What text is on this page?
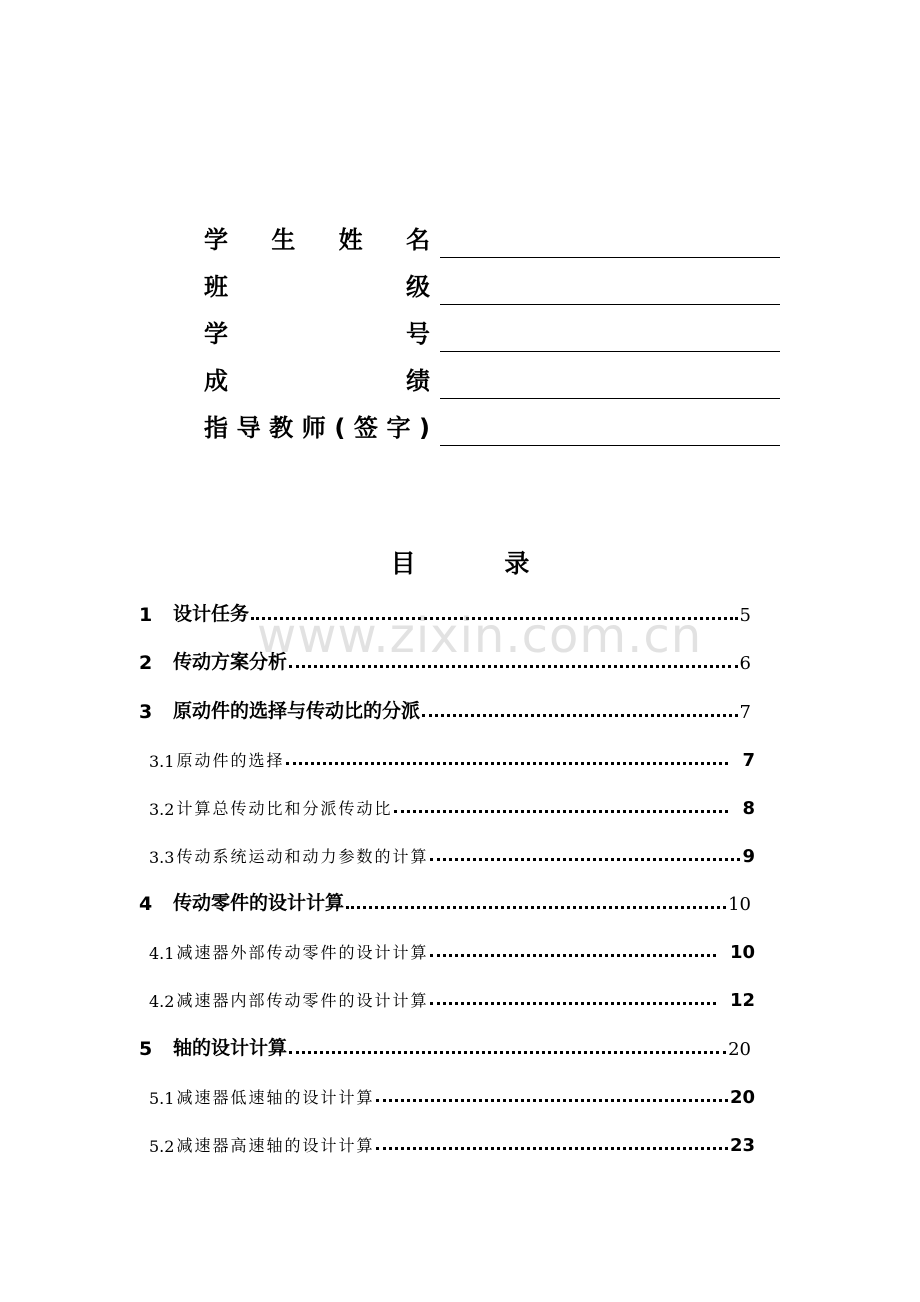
学 生 姓 名
班	级
学	号
成	绩
指 导 教 师 ( 签 字 )
目 录
1	设计任务	5
2	传动方案分析	6
3	原动件的选择与传动比的分派	7
3.1 原动件的选择	7
3.2 计算总传动比和分派传动比	8
3.3 传动系统运动和动力参数的计算	9
4	传动零件的设计计算	10
4.1 减速器外部传动零件的设计计算	10
4.2 减速器内部传动零件的设计计算	12
5	轴的设计计算	20
5.1 减速器低速轴的设计计算	20
5.2 减速器高速轴的设计计算	23
www.zixin.com.cn
